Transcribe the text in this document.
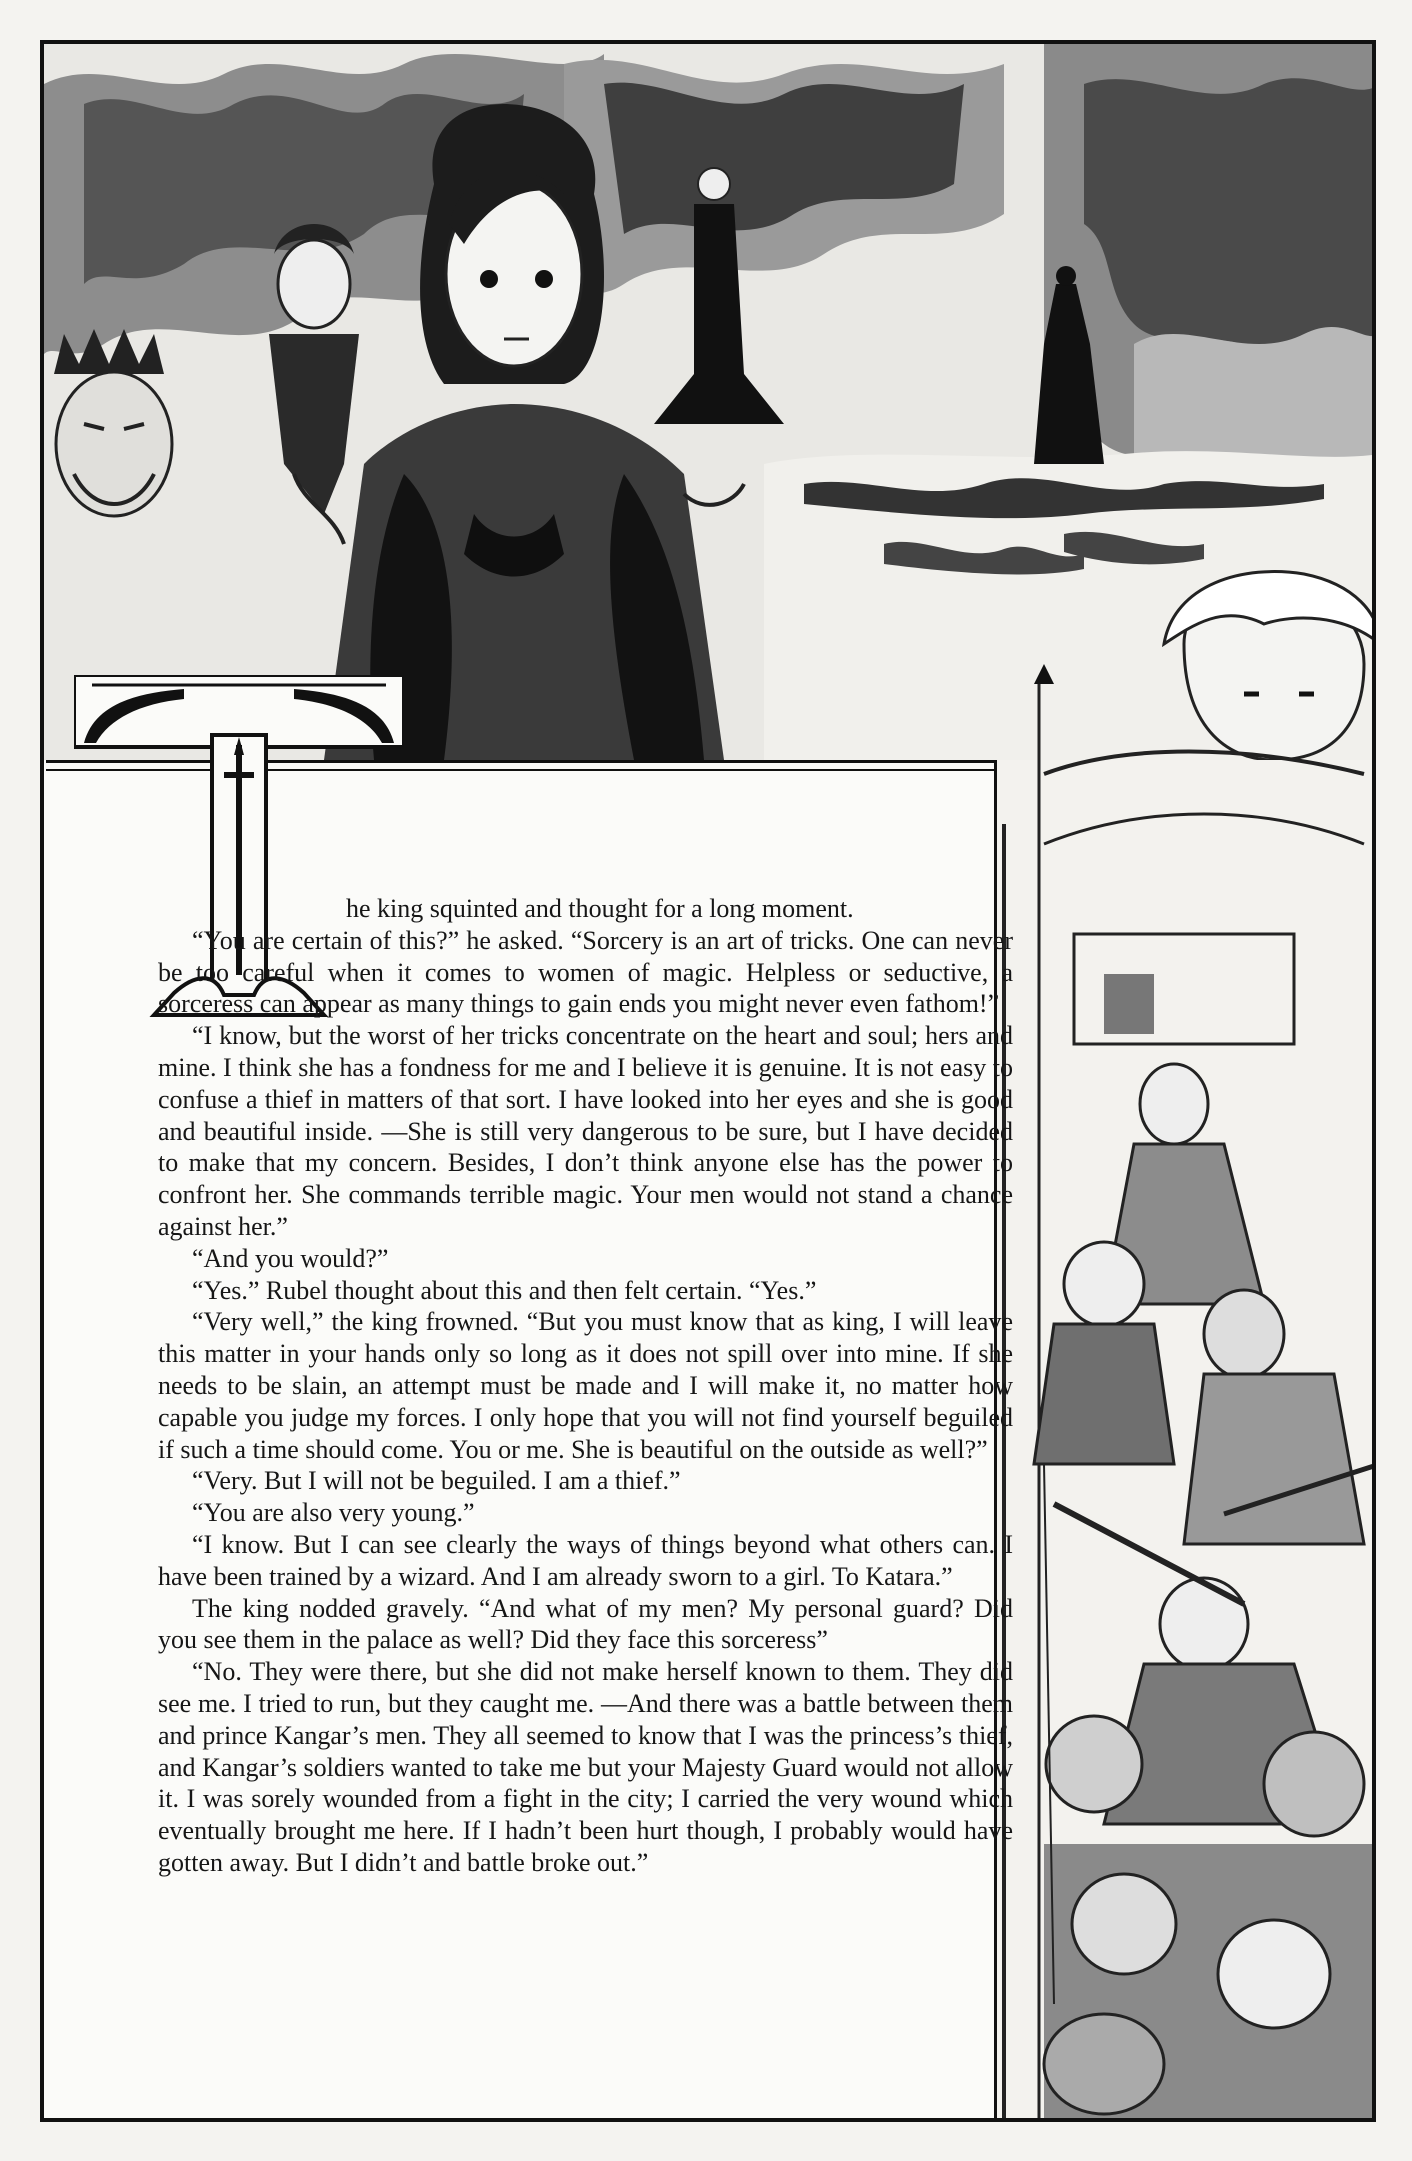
he king squinted and thought for a long moment.

“You are certain of this?” he asked. “Sorcery is an art of tricks. One can never be too careful when it comes to women of magic. Helpless or seductive, a sorceress can appear as many things to gain ends you might never even fathom!”

“I know, but the worst of her tricks concentrate on the heart and soul; hers and mine. I think she has a fondness for me and I believe it is genuine. It is not easy to confuse a thief in matters of that sort. I have looked into her eyes and she is good and beautiful inside. —She is still very dangerous to be sure, but I have decided to make that my concern. Besides, I don’t think anyone else has the power to confront her. She commands terrible magic. Your men would not stand a chance against her.”

“And you would?”

“Yes.” Rubel thought about this and then felt certain. “Yes.”

“Very well,” the king frowned. “But you must know that as king, I will leave this matter in your hands only so long as it does not spill over into mine. If she needs to be slain, an attempt must be made and I will make it, no matter how capable you judge my forces. I only hope that you will not find yourself beguiled if such a time should come. You or me. She is beautiful on the outside as well?”

“Very. But I will not be beguiled. I am a thief.”

“You are also very young.”

“I know. But I can see clearly the ways of things beyond what others can. I have been trained by a wizard. And I am already sworn to a girl. To Katara.”

The king nodded gravely. “And what of my men? My personal guard? Did you see them in the palace as well? Did they face this sorceress”

“No. They were there, but she did not make herself known to them. They did see me. I tried to run, but they caught me. —And there was a battle between them and prince Kangar’s men. They all seemed to know that I was the princess’s thief, and Kangar’s soldiers wanted to take me but your Majesty Guard would not allow it. I was sorely wounded from a fight in the city; I carried the very wound which eventually brought me here. If I hadn’t been hurt though, I probably would have gotten away. But I didn’t and battle broke out.”
